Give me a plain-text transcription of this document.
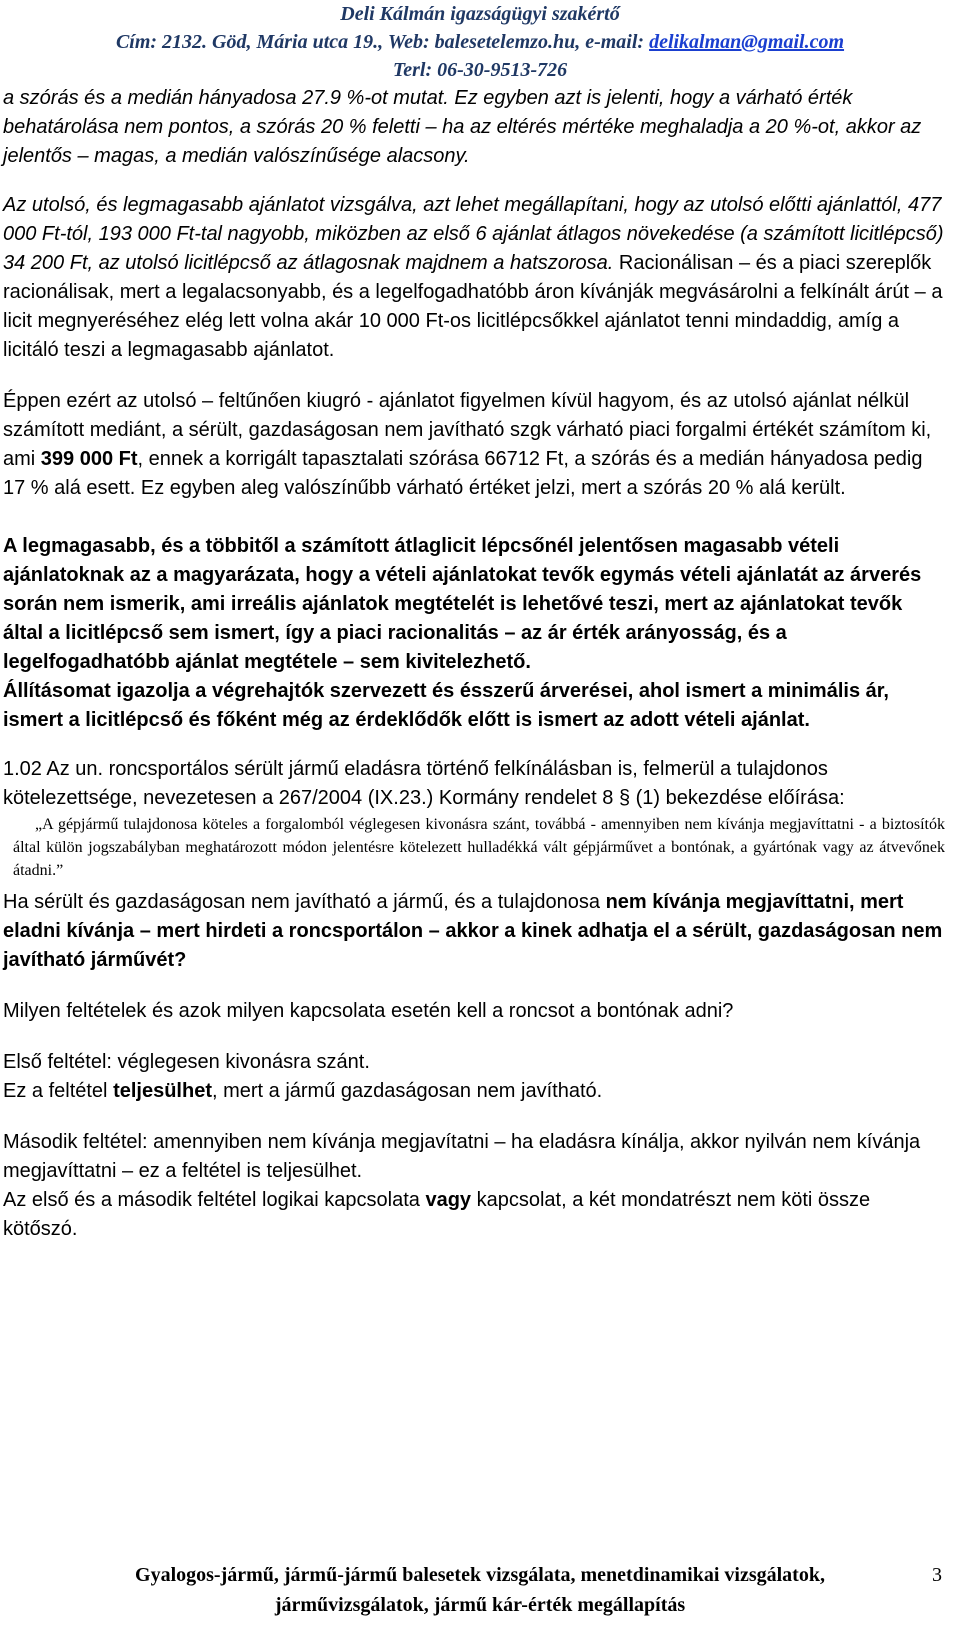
Deli Kálmán igazságügyi szakértő
Cím: 2132. Göd, Mária utca 19., Web: balesetelemzo.hu, e-mail: delikalman@gmail.com
Terl: 06-30-9513-726

a szórás és a medián hányadosa 27.9 %-ot mutat. Ez egyben azt is jelenti, hogy a várható érték behatárolása nem pontos, a szórás 20 % feletti – ha az eltérés mértéke meghaladja a 20 %-ot, akkor az jelentős – magas, a medián valószínűsége alacsony.

Az utolsó, és legmagasabb ajánlatot vizsgálva, azt lehet megállapítani, hogy az utolsó előtti ajánlattól, 477 000 Ft-tól, 193 000 Ft-tal nagyobb, miközben az első 6 ajánlat átlagos növekedése (a számított licitlépcső) 34 200 Ft, az utolsó licitlépcső az átlagosnak majdnem a hatszorosa. Racionálisan – és a piaci szereplők racionálisak, mert a legalacsonyabb, és a legelfogadhatóbb áron kívánják megvásárolni a felkínált árút – a licit megnyeréséhez elég lett volna akár 10 000 Ft-os licitlépcsőkkel ajánlatot tenni mindaddig, amíg a licitáló teszi a legmagasabb ajánlatot.

Éppen ezért az utolsó – feltűnően kiugró - ajánlatot figyelmen kívül hagyom, és az utolsó ajánlat nélkül számított mediánt, a sérült, gazdaságosan nem javítható szgk várható piaci forgalmi értékét számítom ki, ami 399 000 Ft, ennek a korrigált tapasztalati szórása 66712 Ft, a szórás és a medián hányadosa pedig 17 % alá esett. Ez egyben aleg valószínűbb várható értéket jelzi, mert a szórás 20 % alá került.

A legmagasabb, és a többitől a számított átlaglicit lépcsőnél jelentősen magasabb vételi ajánlatoknak az a magyarázata, hogy a vételi ajánlatokat tevők egymás vételi ajánlatát az árverés során nem ismerik, ami irreális ajánlatok megtételét is lehetővé teszi, mert az ajánlatokat tevők által a licitlépcső sem ismert, így a piaci racionalitás – az ár érték arányosság, és a legelfogadhatóbb ajánlat megtétele – sem kivitelezhető.

Állításomat igazolja a végrehajtók szervezett és ésszerű árverései, ahol ismert a minimális ár, ismert a licitlépcső és főként még az érdeklődők előtt is ismert az adott vételi ajánlat.

1.02 Az un. roncsportálos sérült jármű eladásra történő felkínálásban is, felmerül a tulajdonos kötelezettsége, nevezetesen a 267/2004 (IX.23.) Kormány rendelet 8 § (1) bekezdése előírása:

„A gépjármű tulajdonosa köteles a forgalomból véglegesen kivonásra szánt, továbbá - amennyiben nem kívánja megjavíttatni - a biztosítók által külön jogszabályban meghatározott módon jelentésre kötelezett hulladékká vált gépjárművet a bontónak, a gyártónak vagy az átvevőnek átadni.”

Ha sérült és gazdaságosan nem javítható a jármű, és a tulajdonosa nem kívánja megjavíttatni, mert eladni kívánja – mert hirdeti a roncsportálon – akkor a kinek adhatja el a sérült, gazdaságosan nem javítható járművét?

Milyen feltételek és azok milyen kapcsolata esetén kell a roncsot a bontónak adni?

Első feltétel: véglegesen kivonásra szánt.
Ez a feltétel teljesülhet, mert a jármű gazdaságosan nem javítható.

Második feltétel: amennyiben nem kívánja megjavítatni – ha eladásra kínálja, akkor nyilván nem kívánja megjavíttatni – ez a feltétel is teljesülhet.
Az első és a második feltétel logikai kapcsolata vagy kapcsolat, a két mondatrészt nem köti össze kötőszó.

Gyalogos-jármű, jármű-jármű balesetek vizsgálata, menetdinamikai vizsgálatok,
járművizsgálatok, jármű kár-érték megállapítás
3
